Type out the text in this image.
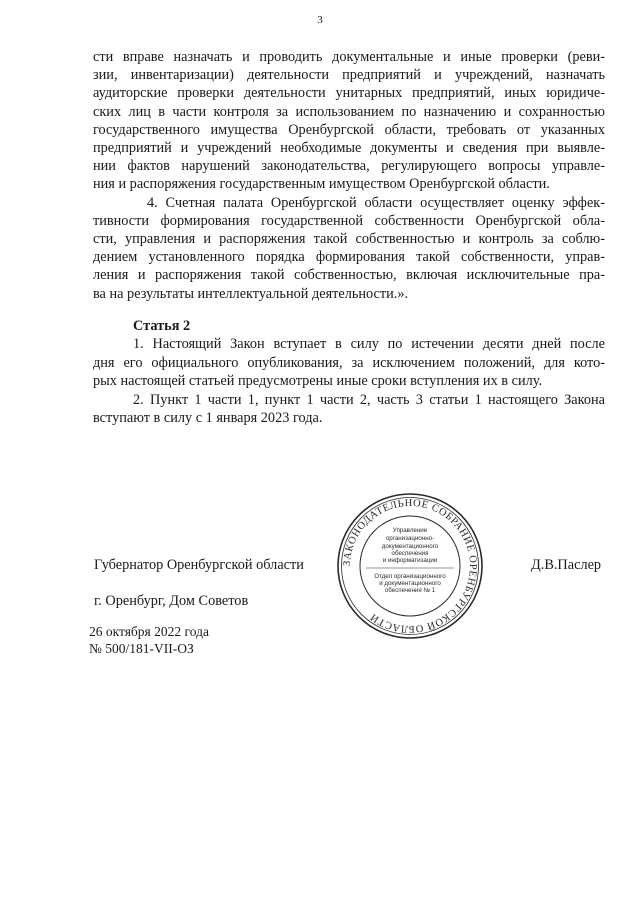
3

сти вправе назначать и проводить документальные и иные проверки (реви-
зии, инвентаризации) деятельности предприятий и учреждений, назначать
аудиторские проверки деятельности унитарных предприятий, иных юридиче-
ских лиц в части контроля за использованием по назначению и сохранностью
государственного имущества Оренбургской области, требовать от указанных
предприятий и учреждений необходимые документы и сведения при выявле-
нии фактов нарушений законодательства, регулирующего вопросы управле-
ния и распоряжения государственным имуществом Оренбургской области.

4. Счетная палата Оренбургской области осуществляет оценку эффек-
тивности формирования государственной собственности Оренбургской обла-
сти, управления и распоряжения такой собственностью и контроль за соблю-
дением установленного порядка формирования такой собственности, управ-
ления и распоряжения такой собственностью, включая исключительные пра-
ва на результаты интеллектуальной деятельности.».

Статья 2
1. Настоящий Закон вступает в силу по истечении десяти дней после
дня его официального опубликования, за исключением положений, для кото-
рых настоящей статьей предусмотрены иные сроки вступления их в силу.
2. Пункт 1 части 1, пункт 1 части 2, часть 3 статьи 1 настоящего Закона
вступают в силу с 1 января 2023 года.
Губернатор Оренбургской области	Д.В.Паслер
г. Оренбург, Дом Советов
26 октября 2022 года
№ 500/181-VII-ОЗ
ЗАКОНОДАТЕЛЬНОЕ СОБРАНИЕ ОРЕНБУРГСКОЙ ОБЛАСТИ
Управление
организационно-
документационного
обеспечения
и информатизации
Отдел организационного
и документационного
обеспечения № 1
